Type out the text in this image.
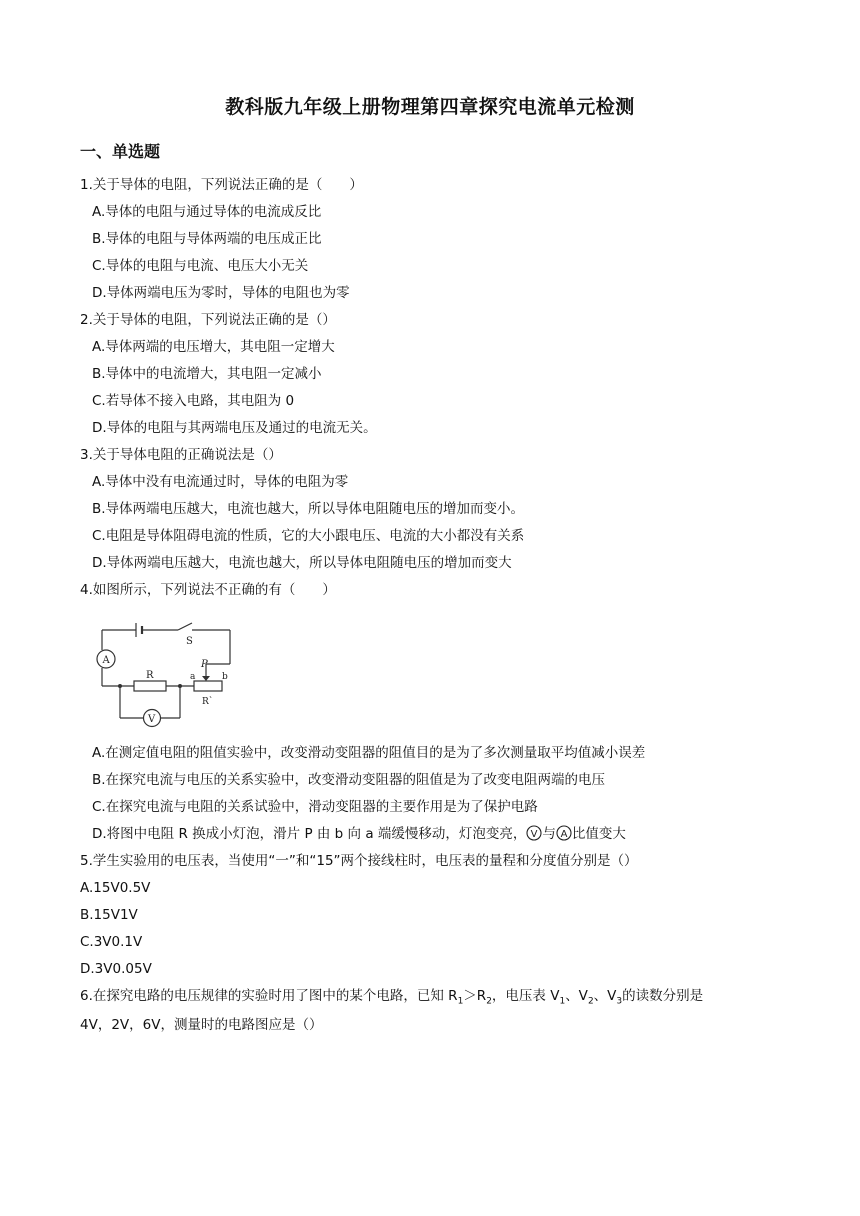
教科版九年级上册物理第四章探究电流单元检测
一、单选题
1.关于导体的电阻，下列说法正确的是（　　）
A.导体的电阻与通过导体的电流成反比
B.导体的电阻与导体两端的电压成正比
C.导体的电阻与电流、电压大小无关
D.导体两端电压为零时，导体的电阻也为零
2.关于导体的电阻，下列说法正确的是（）
A.导体两端的电压增大，其电阻一定增大
B.导体中的电流增大，其电阻一定减小
C.若导体不接入电路，其电阻为 0
D.导体的电阻与其两端电压及通过的电流无关。
3.关于导体电阻的正确说法是（）
A.导体中没有电流通过时，导体的电阻为零
B.导体两端电压越大，电流也越大，所以导体电阻随电压的增加而变小。
C.电阻是导体阻碍电流的性质，它的大小跟电压、电流的大小都没有关系
D.导体两端电压越大，电流也越大，所以导体电阻随电压的增加而变大
4.如图所示，下列说法不正确的有（　　）
S
A
V
R
P
a	b
R`
A.在测定值电阻的阻值实验中，改变滑动变阻器的阻值目的是为了多次测量取平均值减小误差
B.在探究电流与电压的关系实验中，改变滑动变阻器的阻值是为了改变电阻两端的电压
C.在探究电流与电阻的关系试验中，滑动变阻器的主要作用是为了保护电路
D.将图中电阻 R 换成小灯泡，滑片 P 由 b 向 a 端缓慢移动，灯泡变亮， V 与 A 比值变大
5.学生实验用的电压表，当使用“一”和“15”两个接线柱时，电压表的量程和分度值分别是（）
A.15V0.5V
B.15V1V
C.3V0.1V
D.3V0.05V
6.在探究电路的电压规律的实验时用了图中的某个电路，已知 $R_1>R_2$，电压表 $V_1$、$V_2$、$V_3$的读数分别是
4V，2V，6V，测量时的电路图应是（）
